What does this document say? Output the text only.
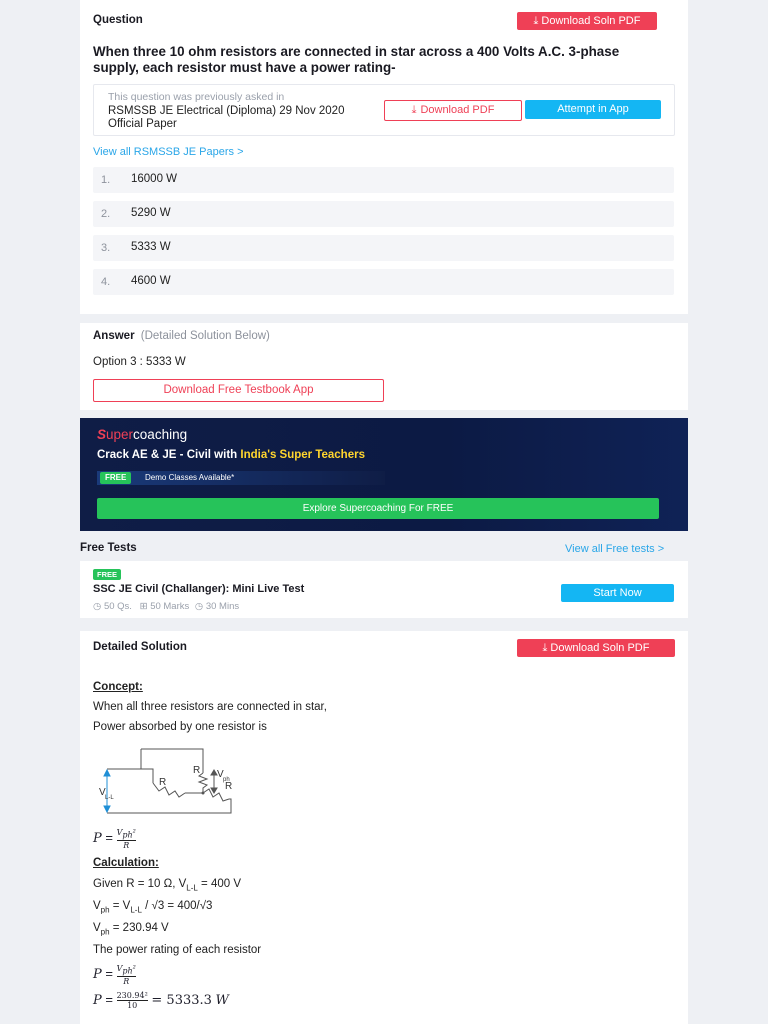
Question	⤓ Download Soln PDF
When three 10 ohm resistors are connected in star across a 400 Volts A.C. 3-phase supply, each resistor must have a power rating-
This question was previously asked in
RSMSSB JE Electrical (Diploma) 29 Nov 2020 Official Paper
⤓ Download PDF	Attempt in App
View all RSMSSB JE Papers >
1. 16000 W
2. 5290 W
3. 5333 W
4. 4600 W
Answer (Detailed Solution Below)
Option 3 : 5333 W
Download Free Testbook App
Supercoaching
Crack AE & JE - Civil with India's Super Teachers
FREE	Demo Classes Available*
Explore Supercoaching For FREE
Free Tests	View all Free tests >
FREE
SSC JE Civil (Challanger): Mini Live Test
◷ 50 Qs. ⊞ 50 Marks ◷ 30 Mins
Start Now
Detailed Solution	⤓ Download Soln PDF
Concept:
When all three resistors are connected in star,
Power absorbed by one resistor is
R V ph
R	R
V L-L
$P = V_{ph}^2$
R
Calculation:
Given R = 10 Ω, $V_{L-L} = 400$ V
$V_{ph} = V_{L-L} / √3 = 400/√3$
$V_{ph} = 230.94$ V
The power rating of each resistor
$P = V_{ph}^2$
R
$P = \frac{\text{230.94²}}{10} = 5333.3$ W
